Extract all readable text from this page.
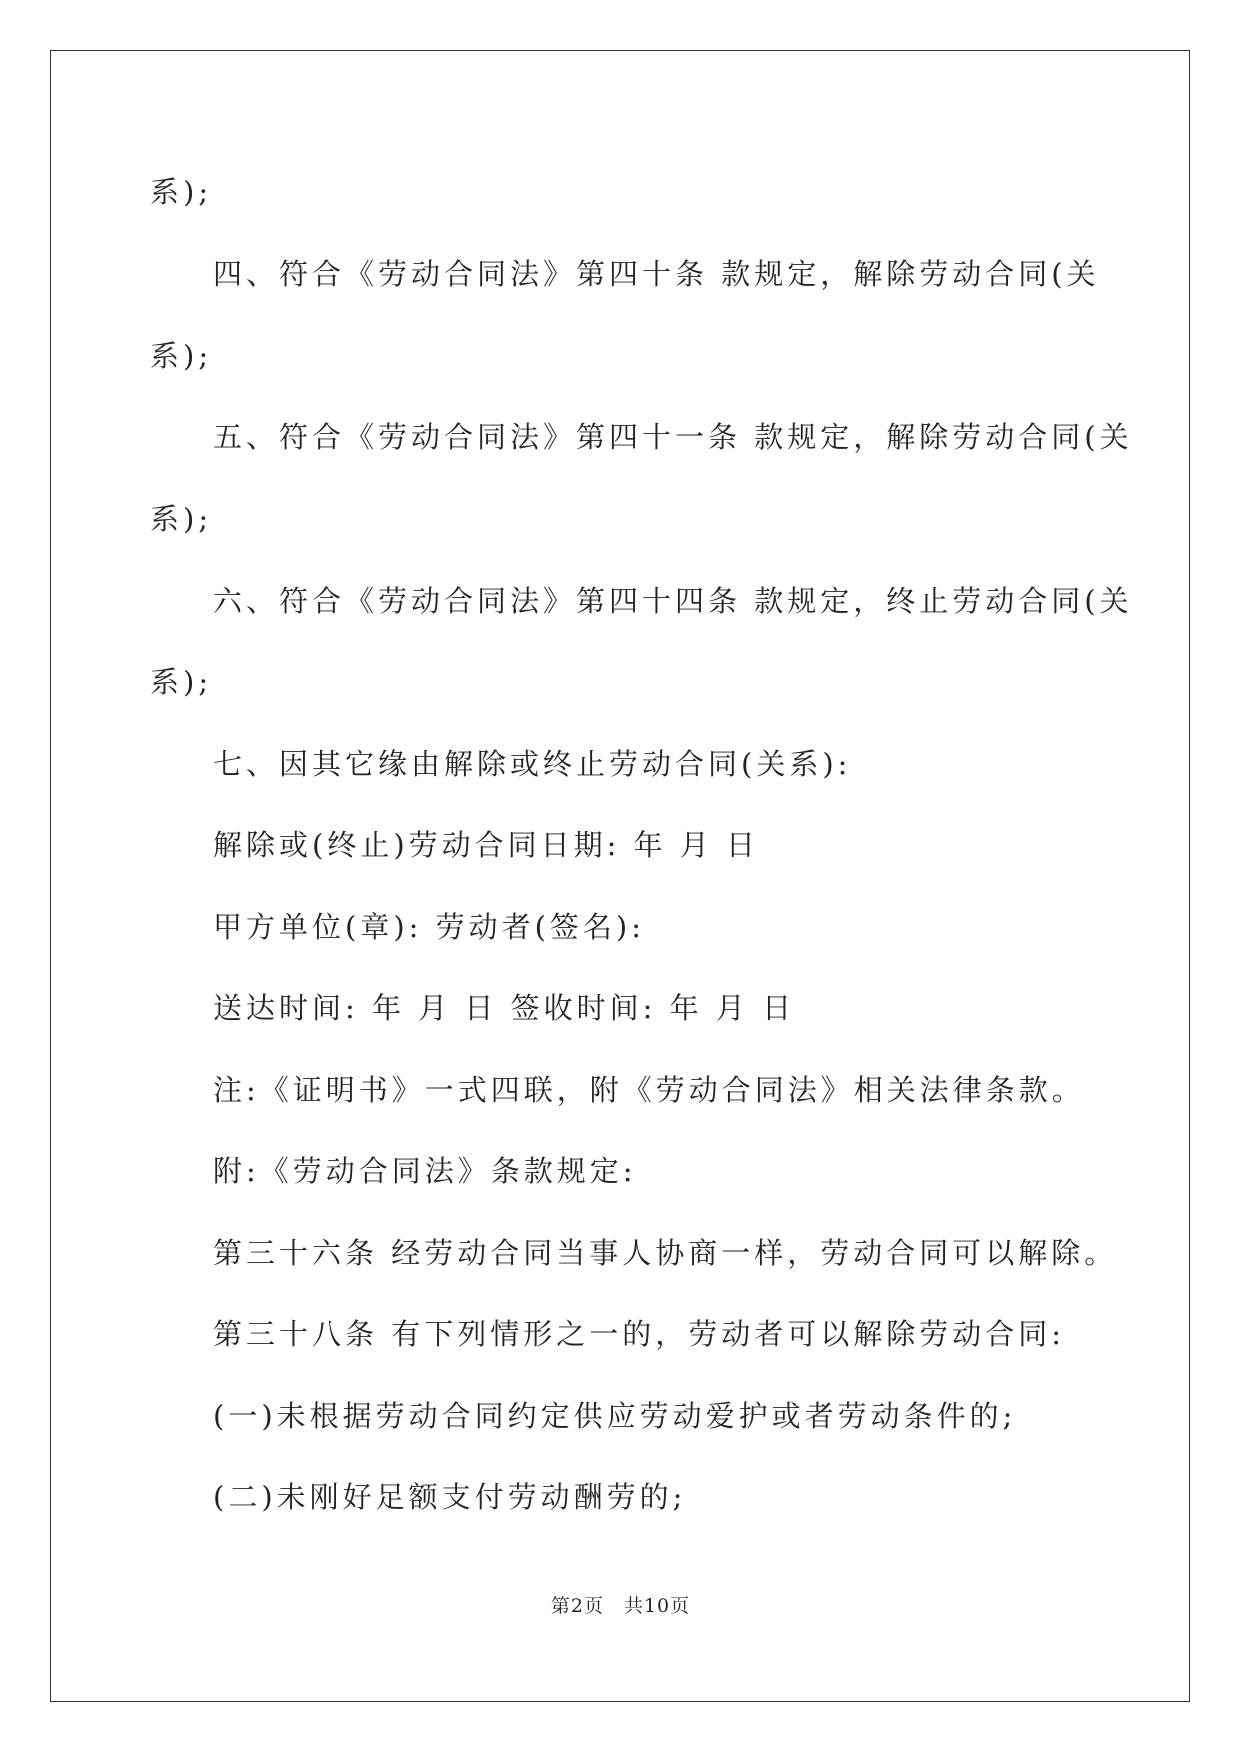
系);
四、符合《劳动合同法》第四十条 款规定，解除劳动合同(关
系);
五、符合《劳动合同法》第四十一条 款规定，解除劳动合同(关
系);
六、符合《劳动合同法》第四十四条 款规定，终止劳动合同(关
系);
七、因其它缘由解除或终止劳动合同(关系):
解除或(终止)劳动合同日期: 年 月 日
甲方单位(章): 劳动者(签名):
送达时间: 年 月 日 签收时间: 年 月 日
注:《证明书》一式四联，附《劳动合同法》相关法律条款。
附:《劳动合同法》条款规定:
第三十六条 经劳动合同当事人协商一样，劳动合同可以解除。
第三十八条 有下列情形之一的，劳动者可以解除劳动合同:
(一)未根据劳动合同约定供应劳动爱护或者劳动条件的;
(二)未刚好足额支付劳动酬劳的;
第2页　共10页
